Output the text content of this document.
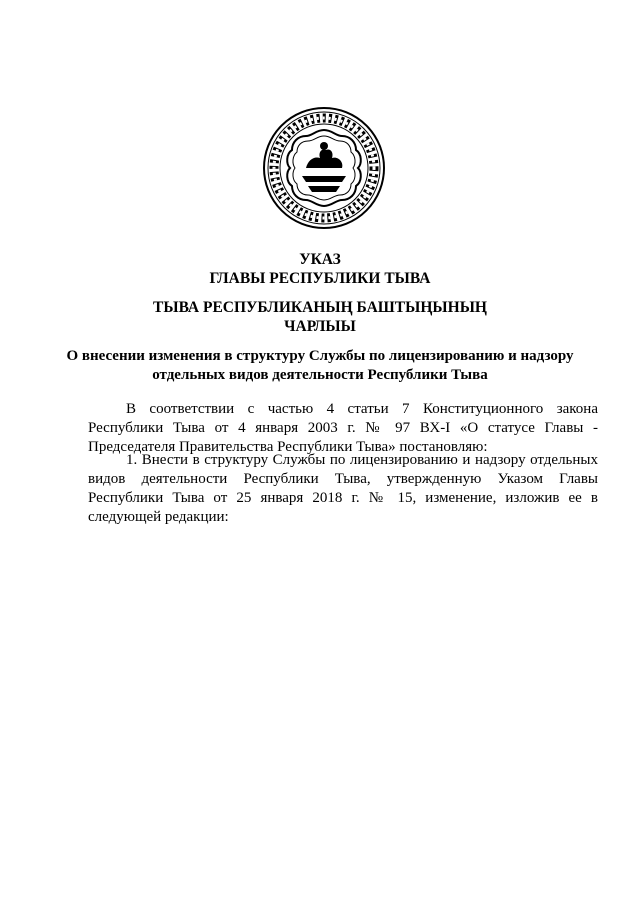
УКАЗ
ГЛАВЫ РЕСПУБЛИКИ ТЫВА
ТЫВА РЕСПУБЛИКАНЫҢ БАШТЫҢЫНЫҢ
ЧАРЛЫЫ
О внесении изменения в структуру Службы по лицензированию и надзору
отдельных видов деятельности Республики Тыва

В соответствии с частью 4 статьи 7 Конституционного закона Республики Тыва от 4 января 2003 г. № 97 ВХ-I «О статусе Главы - Председателя Правительства Республики Тыва» постановляю:

1. Внести в структуру Службы по лицензированию и надзору отдельных видов деятельности Республики Тыва, утвержденную Указом Главы Республики Тыва от 25 января 2018 г. № 15, изменение, изложив ее в следующей редакции:
